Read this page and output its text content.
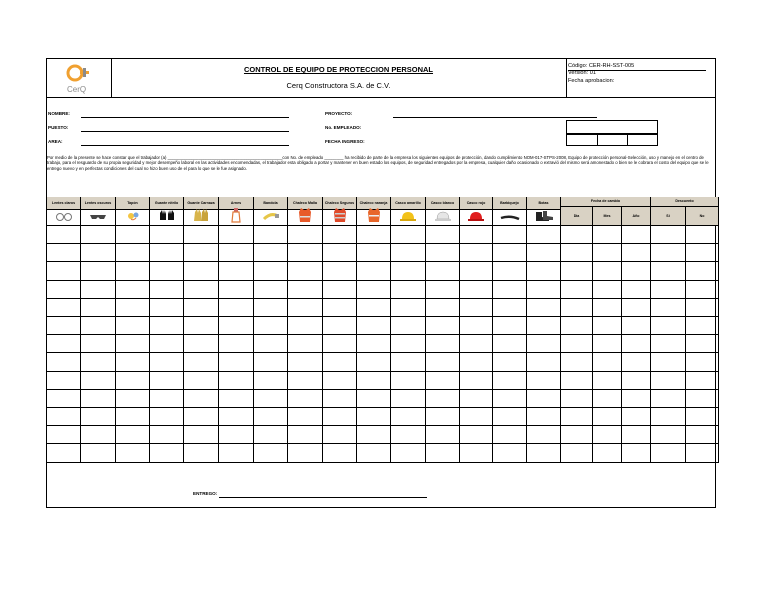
CerQ
CONTROL DE EQUIPO DE PROTECCION PERSONAL
Cerq Constructora S.A. de C.V.
Código: CER-RH-SST-005
Versión: 01
Fecha aprobacion:
NOMBRE:
PUESTO:
AREA:
PROYECTO:
No. EMPLEADO:
FECHA INGRESO:
Por medio de la presente se hace constar que el trabajador (a) ________________________________________________con No. de empleado ________ ha recibido de parte de la empresa los siguientes equipos de protección, dando cumplimiento NOM-017-STPS-2008, Equipo de protección personal-Selección, uso y manejo en el centro de trabajo, para el resguardo de su propia seguridad y mejor desempeño laboral en las actividades encomendadas, el trabajador esta obligado a portar y mantener en buen estado los equipos, de seguridad entregados por la empresa, cualquier daño ocasionado o extravió del mismo será amonestado o bien se le cobrara el costo del equipo que se le entrego nuevo y en perfectas condiciones del cual no hizo buen uso de el para lo que se le fue asignado.
Lentes claros	Lentes oscuros	Tapón	Guante nitrilo	Guante Carnaza	Arnes	Bandola	Chaleco Malla	Chaleco Seguros	Chaleco naranja	Casco amarillo	Casco blanco	Casco rojo	Barbiquejo	Botas	Fecha de cambio
Dia	Mes	Año
Descuento
Si	No
ENTREGO:
